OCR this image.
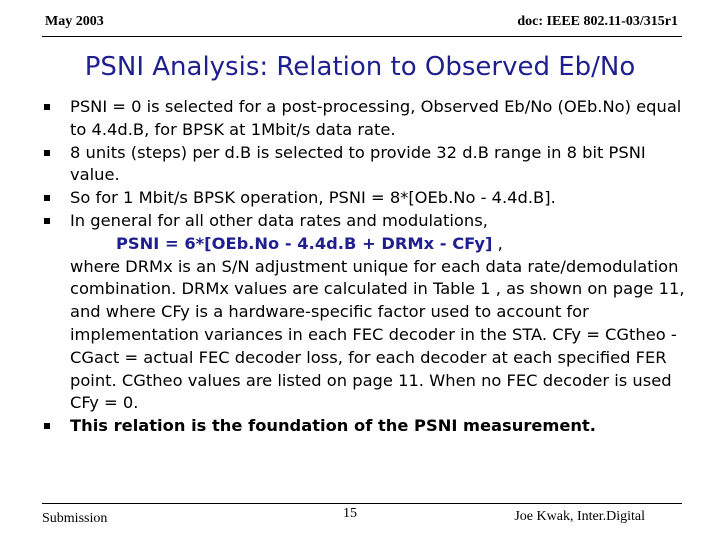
May 2003	doc: IEEE 802.11-03/315r1
PSNI Analysis: Relation to Observed Eb/No
PSNI = 0 is selected for a post-processing, Observed Eb/No (OEb.No) equal to 4.4d.B, for BPSK at 1Mbit/s data rate.
8 units (steps) per d.B is selected to provide 32 d.B range in 8 bit PSNI value.
So for 1 Mbit/s BPSK operation, PSNI = 8*[OEb.No - 4.4d.B].
In general for all other data rates and modulations,
PSNI = 6*[OEb.No - 4.4d.B + DRMx - CFy] ,
where DRMx is an S/N adjustment unique for each data rate/demodulation combination. DRMx values are calculated in Table 1 , as shown on page 11, and where CFy is a hardware-specific factor used to account for implementation variances in each FEC decoder in the STA. CFy = CGtheo - CGact = actual FEC decoder loss, for each decoder at each specified FER point. CGtheo values are listed on page 11. When no FEC decoder is used CFy = 0.
This relation is the foundation of the PSNI measurement.
Submission	15	Joe Kwak, Inter.Digital
